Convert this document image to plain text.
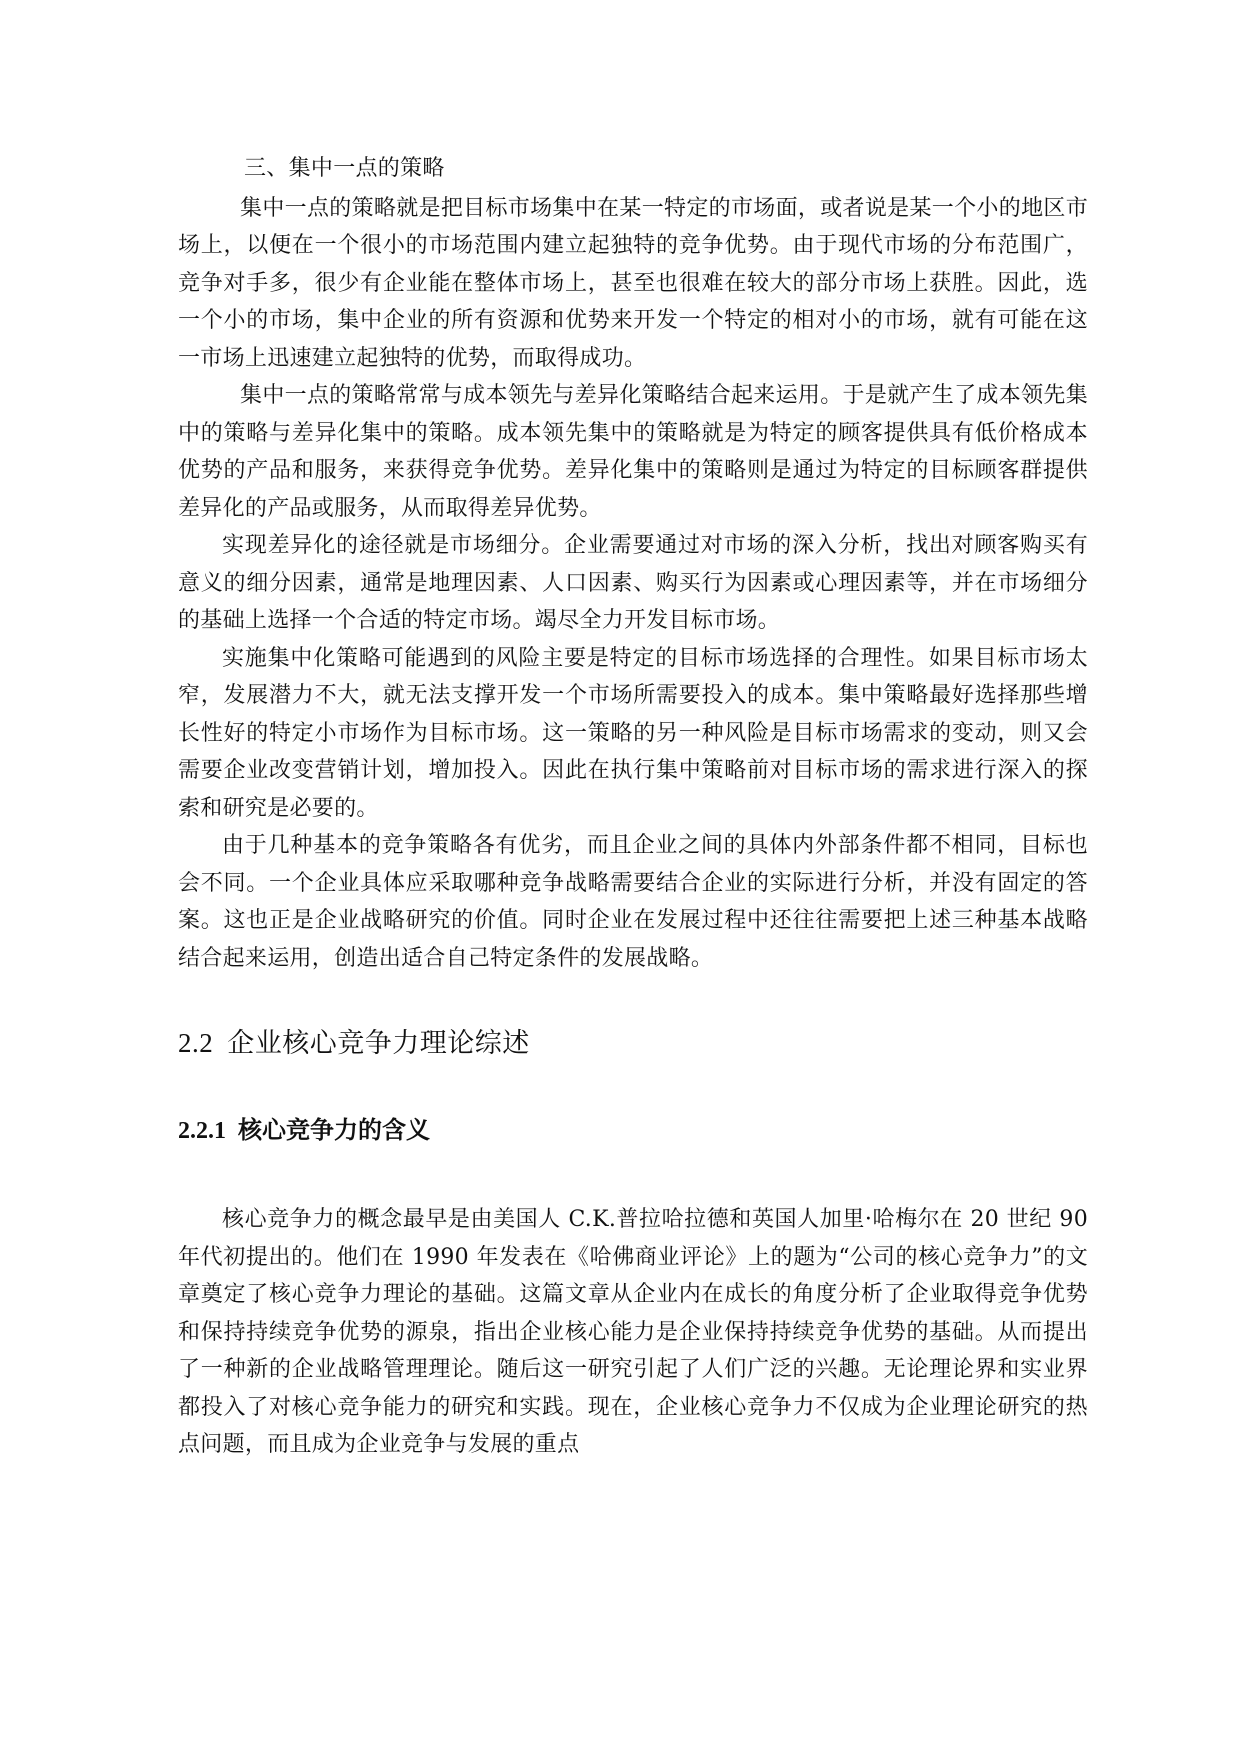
三、集中一点的策略

集中一点的策略就是把目标市场集中在某一特定的市场面，或者说是某一个小的地区市场上，以便在一个很小的市场范围内建立起独特的竞争优势。由于现代市场的分布范围广，竞争对手多，很少有企业能在整体市场上，甚至也很难在较大的部分市场上获胜。因此，选一个小的市场，集中企业的所有资源和优势来开发一个特定的相对小的市场，就有可能在这一市场上迅速建立起独特的优势，而取得成功。

集中一点的策略常常与成本领先与差异化策略结合起来运用。于是就产生了成本领先集中的策略与差异化集中的策略。成本领先集中的策略就是为特定的顾客提供具有低价格成本优势的产品和服务，来获得竞争优势。差异化集中的策略则是通过为特定的目标顾客群提供差异化的产品或服务，从而取得差异优势。

实现差异化的途径就是市场细分。企业需要通过对市场的深入分析，找出对顾客购买有意义的细分因素，通常是地理因素、人口因素、购买行为因素或心理因素等，并在市场细分的基础上选择一个合适的特定市场。竭尽全力开发目标市场。

实施集中化策略可能遇到的风险主要是特定的目标市场选择的合理性。如果目标市场太窄，发展潜力不大，就无法支撑开发一个市场所需要投入的成本。集中策略最好选择那些增长性好的特定小市场作为目标市场。这一策略的另一种风险是目标市场需求的变动，则又会需要企业改变营销计划，增加投入。因此在执行集中策略前对目标市场的需求进行深入的探索和研究是必要的。

由于几种基本的竞争策略各有优劣，而且企业之间的具体内外部条件都不相同，目标也会不同。一个企业具体应采取哪种竞争战略需要结合企业的实际进行分析，并没有固定的答案。这也正是企业战略研究的价值。同时企业在发展过程中还往往需要把上述三种基本战略结合起来运用，创造出适合自己特定条件的发展战略。

2.2 企业核心竞争力理论综述
2.2.1 核心竞争力的含义

核心竞争力的概念最早是由美国人 C.K.普拉哈拉德和英国人加里·哈梅尔在 20 世纪 90 年代初提出的。他们在 1990 年发表在《哈佛商业评论》上的题为“公司的核心竞争力”的文章奠定了核心竞争力理论的基础。这篇文章从企业内在成长的角度分析了企业取得竞争优势和保持持续竞争优势的源泉，指出企业核心能力是企业保持持续竞争优势的基础。从而提出了一种新的企业战略管理理论。随后这一研究引起了人们广泛的兴趣。无论理论界和实业界都投入了对核心竞争能力的研究和实践。现在，企业核心竞争力不仅成为企业理论研究的热点问题，而且成为企业竞争与发展的重点
